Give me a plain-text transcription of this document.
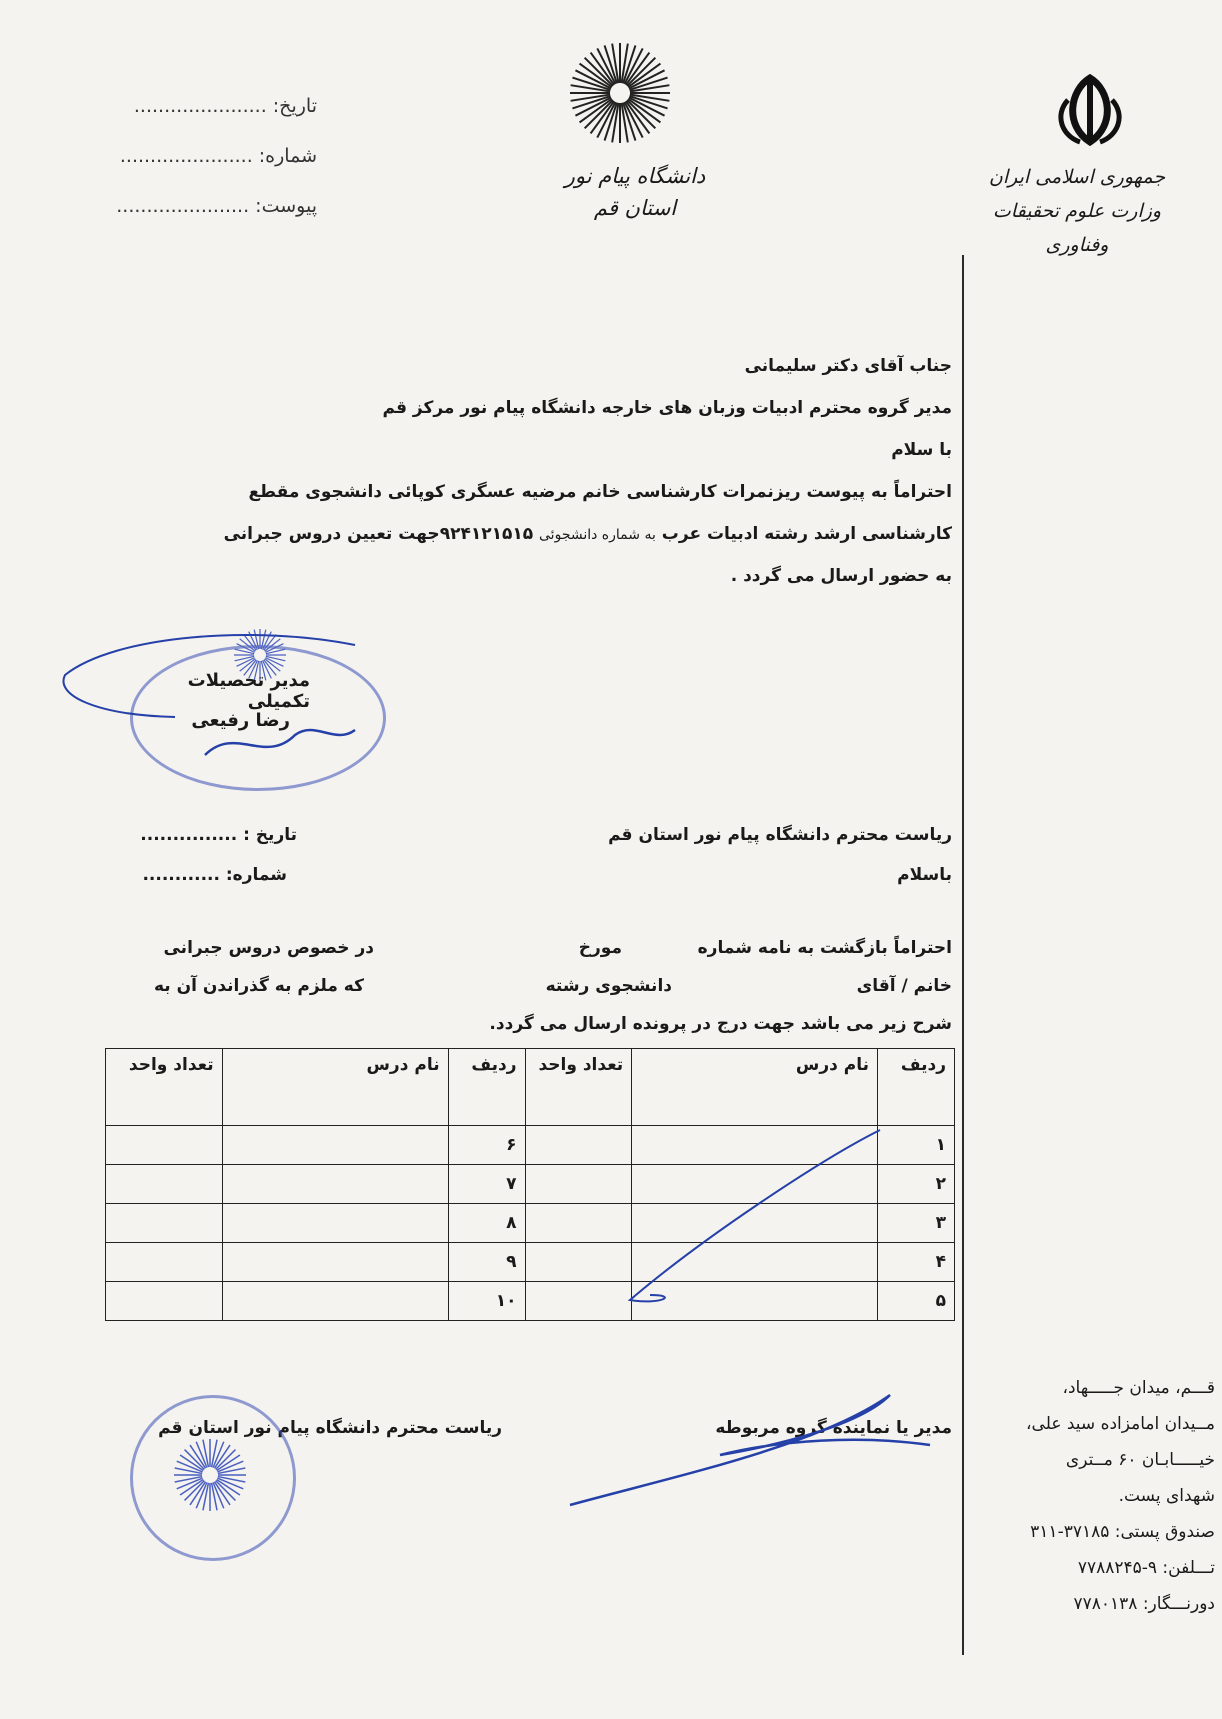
جمهوری اسلامی ایران
وزارت علوم تحقیقات وفناوری
دانشگاه پیام نور
استان قم
تاریخ: ......................
شماره: ......................
پیوست: ......................
جناب آقای دکتر سلیمانی
مدیر گروه محترم ادبیات وزبان های خارجه دانشگاه پیام نور مرکز قم
با سلام
احتراماً به پیوست ریزنمرات کارشناسی خانم مرضیه عسگری کوپائی دانشجوی مقطع
کارشناسی ارشد رشته ادبیات عرب به شماره دانشجوئی ۹۲۴۱۲۱۵۱۵جهت تعیین دروس جبرانی
به حضور ارسال می گردد .
مدیر تحصیلات تکمیلی
رضا رفیعی
تاریخ : ...............
شماره: ............
ریاست محترم دانشگاه پیام نور استان قم
باسلام
احتراماً بازگشت به نامه شماره
مورخ
در خصوص دروس جبرانی
خانم / آقای
دانشجوی رشته
که ملزم به گذراندن آن به
شرح زیر می باشد جهت درج در پرونده ارسال می گردد.
تعداد واحد	نام درس	ردیف	تعداد واحد	نام درس	ردیف
		۶			۱
		۷			۲
		۸			۳
		۹			۴
		۱۰			۵
مدیر یا نماینده گروه مربوطه
ریاست محترم دانشگاه پیام نور استان قم
قـــم، میدان جـــــهاد،
مــیدان امامزاده سید علی،
خیـــــابـان ۶۰ مــتری
شهدای پست.
صندوق پستی: ۳۷۱۸۵-۳۱۱
تـــلفن: ۹-۷۷۸۸۲۴۵
دورنـــگار: ۷۷۸۰۱۳۸
